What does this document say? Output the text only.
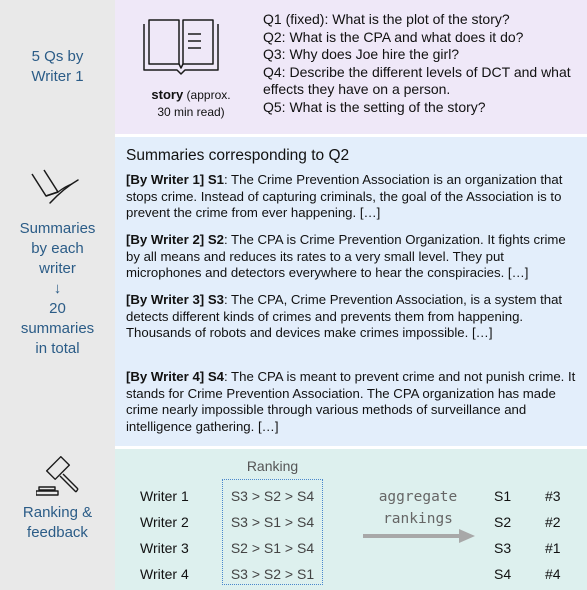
5 Qs by
Writer 1
Summaries
by each
writer
↓
20
summaries
in total
Ranking &
feedback
story (approx.
30 min read)
Q1 (fixed): What is the plot of the story?
Q2: What is the CPA and what does it do?
Q3: Why does Joe hire the girl?
Q4: Describe the different levels of DCT and what effects they have on a person.
Q5: What is the setting of the story?
Summaries corresponding to Q2
[By Writer 1] S1: The Crime Prevention Association is an organization that stops crime. Instead of capturing criminals, the goal of the Association is to prevent the crime from ever happening. […]
[By Writer 2] S2: The CPA is Crime Prevention Organization. It fights crime by all means and reduces its rates to a very small level. They put microphones and detectors everywhere to hear the conspiracies. […]
[By Writer 3] S3: The CPA, Crime Prevention Association, is a system that detects different kinds of crimes and prevents them from happening. Thousands of robots and devices make crimes impossible. […]
[By Writer 4] S4: The CPA is meant to prevent crime and not punish crime. It stands for Crime Prevention Association. The CPA organization has made crime nearly impossible through various methods of surveillance and intelligence gathering. […]
Ranking
Writer 1
Writer 2
Writer 3
Writer 4
S3 > S2 > S4
S3 > S1 > S4
S2 > S1 > S4
S3 > S2 > S1
aggregate
rankings
S1
S2
S3
S4
#3
#2
#1
#4
